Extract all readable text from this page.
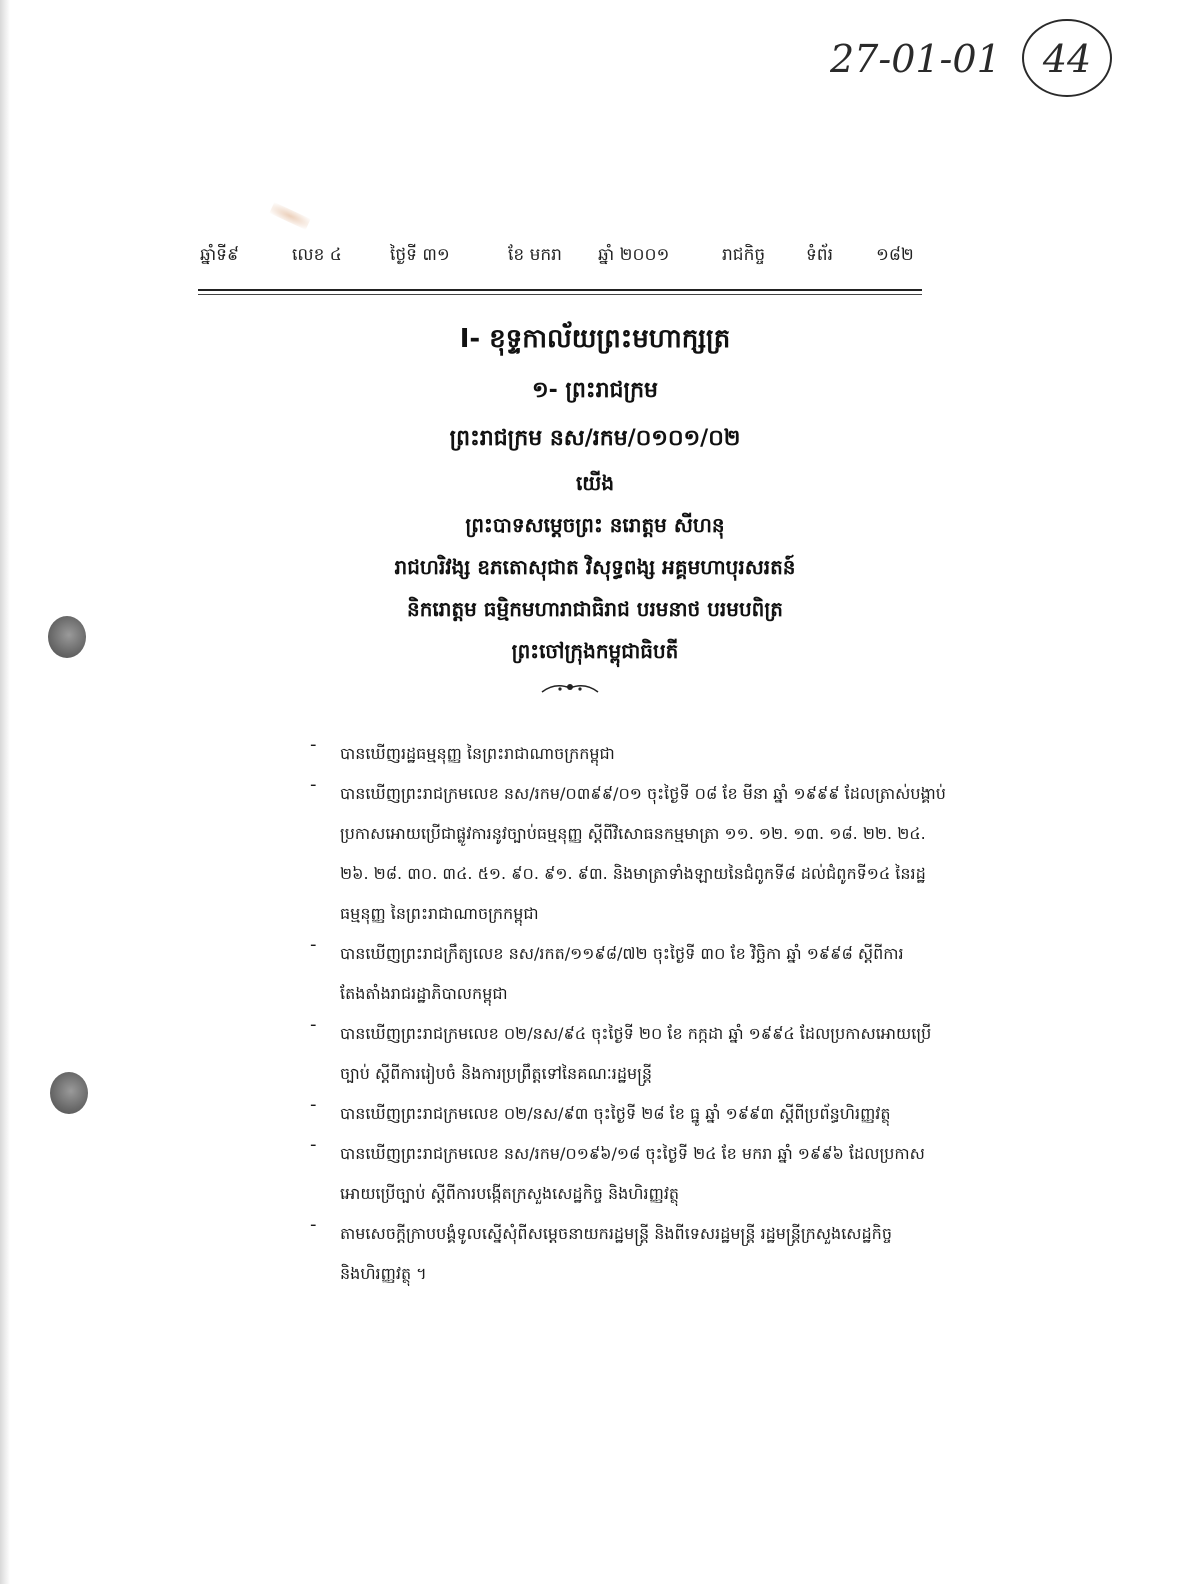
27-01-01 44
ឆ្នាំទី៩	លេខ ៤	ថ្ងៃទី ៣១	ខែ មករា ឆ្នាំ ២០០១	រាជកិច្ច ទំព័រ	១៨២
I- ខុទ្ទកាល័យព្រះមហាក្សត្រ
១- ព្រះរាជក្រម
ព្រះរាជក្រម នស/រកម/០១០១/០២
យើង
ព្រះបាទសម្តេចព្រះ នរោត្តម សីហនុ
រាជហរិវង្ស ឧភតោសុជាត វិសុទ្ធពង្ស អគ្គមហាបុរសរតន៍
និករោត្តម ធម្មិកមហារាជាធិរាជ បរមនាថ បរមបពិត្រ
ព្រះចៅក្រុងកម្ពុជាធិបតី
- បានឃើញរដ្ឋធម្មនុញ្ញ នៃព្រះរាជាណាចក្រកម្ពុជា
- បានឃើញព្រះរាជក្រមលេខ នស/រកម/០៣៩៩/០១ ចុះថ្ងៃទី ០៨ ខែ មីនា ឆ្នាំ ១៩៩៩ ដែលត្រាស់បង្គាប់ប្រកាសអោយប្រើជាផ្លូវការនូវច្បាប់ធម្មនុញ្ញ ស្តីពីវិសោធនកម្មមាត្រា ១១. ១២. ១៣. ១៨. ២២. ២៤. ២៦. ២៨. ៣០. ៣៤. ៥១. ៩០. ៩១. ៩៣. និងមាត្រាទាំងឡាយនៃជំពូកទី៨ ដល់ជំពូកទី១៤ នៃរដ្ឋធម្មនុញ្ញ នៃព្រះរាជាណាចក្រកម្ពុជា
- បានឃើញព្រះរាជក្រឹត្យលេខ នស/រកត/១១៩៨/៧២ ចុះថ្ងៃទី ៣០ ខែ វិច្ឆិកា ឆ្នាំ ១៩៩៨ ស្តីពីការតែងតាំងរាជរដ្ឋាភិបាលកម្ពុជា
- បានឃើញព្រះរាជក្រមលេខ ០២/នស/៩៤ ចុះថ្ងៃទី ២០ ខែ កក្កដា ឆ្នាំ ១៩៩៤ ដែលប្រកាសអោយប្រើច្បាប់ ស្តីពីការរៀបចំ និងការប្រព្រឹត្តទៅនៃគណៈរដ្ឋមន្ត្រី
- បានឃើញព្រះរាជក្រមលេខ ០២/នស/៩៣ ចុះថ្ងៃទី ២៨ ខែ ធ្នូ ឆ្នាំ ១៩៩៣ ស្តីពីប្រព័ន្ធហិរញ្ញវត្ថុ
- បានឃើញព្រះរាជក្រមលេខ នស/រកម/០១៩៦/១៨ ចុះថ្ងៃទី ២៤ ខែ មករា ឆ្នាំ ១៩៩៦ ដែលប្រកាសអោយប្រើច្បាប់ ស្តីពីការបង្កើតក្រសួងសេដ្ឋកិច្ច និងហិរញ្ញវត្ថុ
- តាមសេចក្តីក្រាបបង្គំទូលស្នើសុំពីសម្តេចនាយករដ្ឋមន្ត្រី និងពីទេសរដ្ឋមន្ត្រី រដ្ឋមន្ត្រីក្រសួងសេដ្ឋកិច្ច និងហិរញ្ញវត្ថុ ។
